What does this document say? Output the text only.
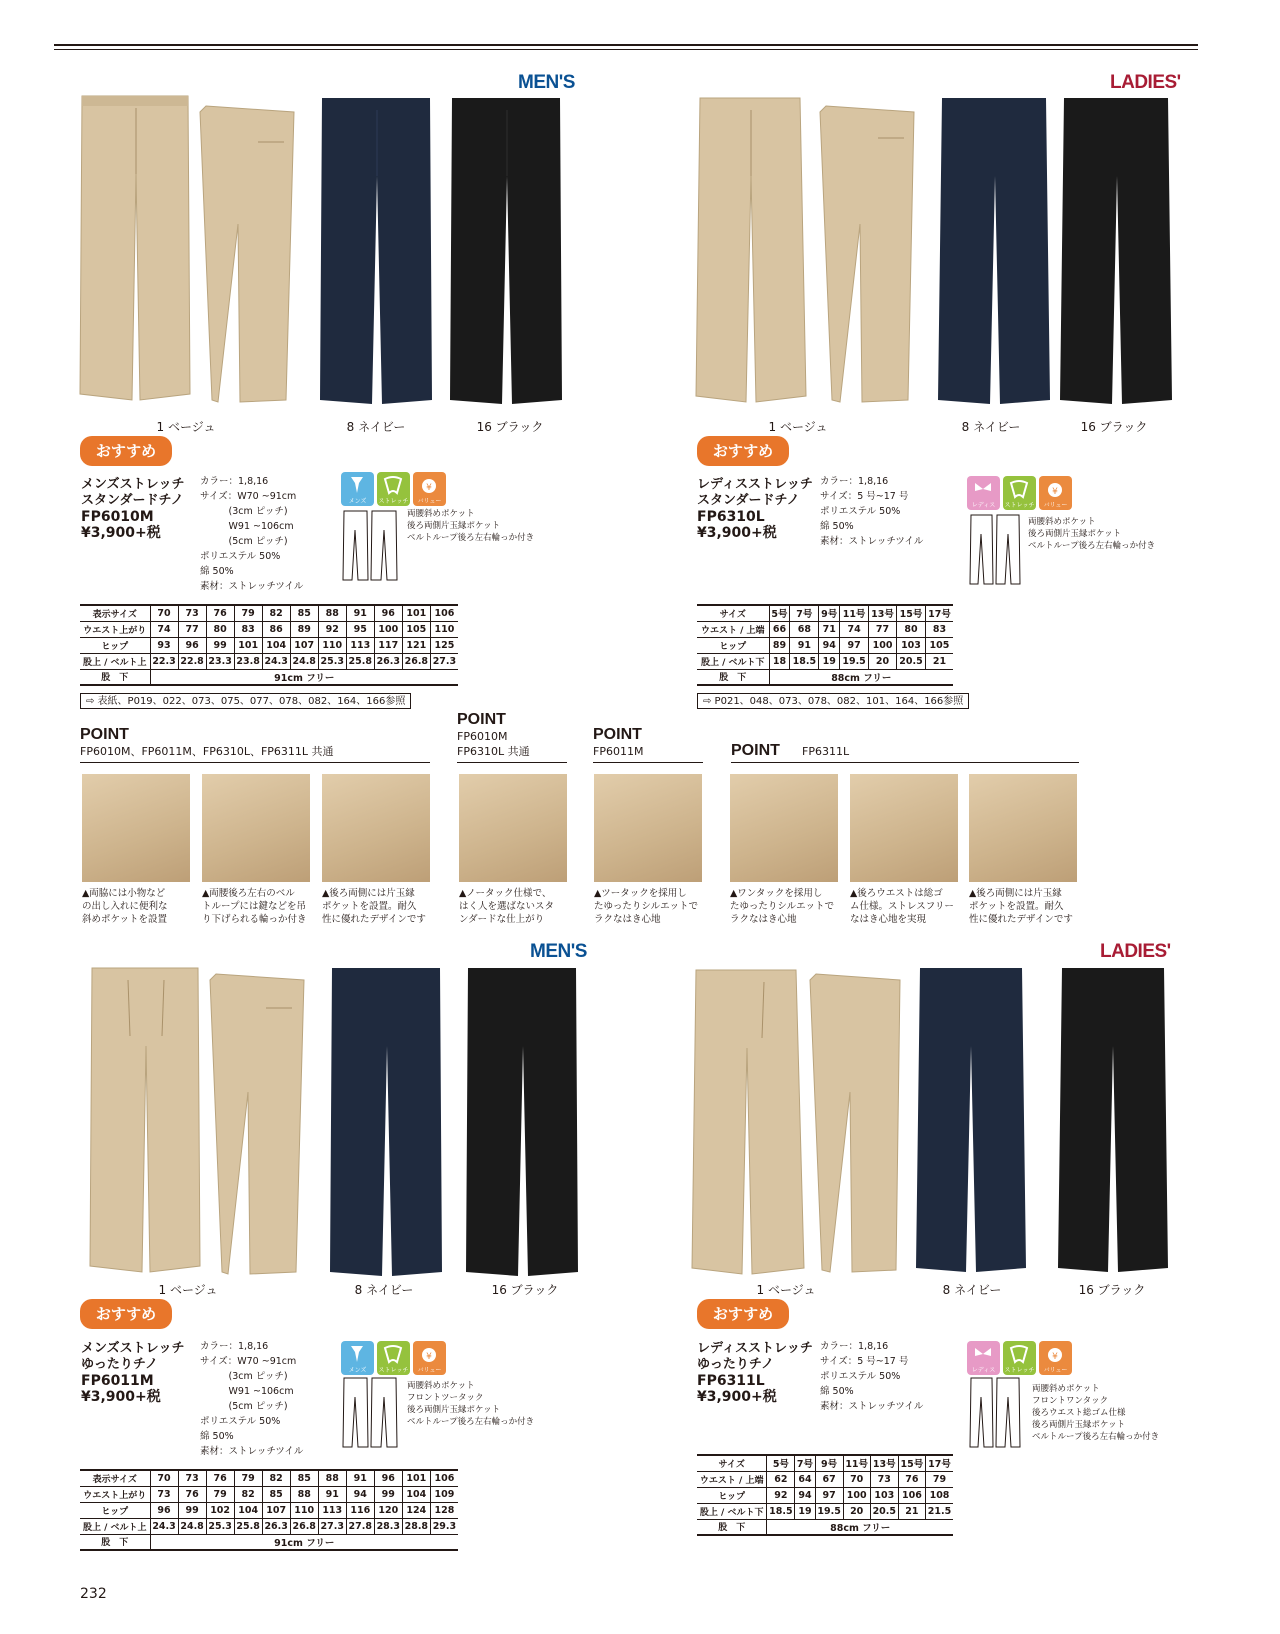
MEN'S	LADIES'
1 ベージュ	8 ネイビー	16 ブラック	1 ベージュ	8 ネイビー	16 ブラック
おすすめ
メンズストレッチ
スタンダードチノ
FP6010M
¥3,900+税
カラー：1,8,16
サイズ：W70 ~91cm
　　　(3cm ピッチ)
　　　W91 ~106cm
　　　(5cm ピッチ)
ポリエステル 50%
綿 50%
素材：ストレッチツイル
メンズ	ストレッチ
¥
バリュー
両腰斜めポケット
後ろ両側片玉縁ポケット
ベルトループ後ろ左右輪っか付き
表示サイズ	70	73	76	79	82	85	88	91	96	101	106
ウエスト上がり	74	77	80	83	86	89	92	95	100	105	110
ヒップ	93	96	99	101	104	107	110	113	117	121	125
股上 / ベルト上	22.3	22.8	23.3	23.8	24.3	24.8	25.3	25.8	26.3	26.8	27.3
股　下	91cm フリー										
⇨ 表紙、P019、022、073、075、077、078、082、164、166参照
おすすめ
レディスストレッチ
スタンダードチノ
FP6310L
¥3,900+税
カラー：1,8,16
サイズ：5 号~17 号
ポリエステル 50%
綿 50%
素材：ストレッチツイル
レディス	ストレッチ
¥
バリュー
両腰斜めポケット
後ろ両側片玉縁ポケット
ベルトループ後ろ左右輪っか付き
サイズ	5号	7号	9号	11号	13号	15号	17号
ウエスト / 上端	66	68	71	74	77	80	83
ヒップ	89	91	94	97	100	103	105
股上 / ベルト下	18	18.5	19	19.5	20	20.5	21
股　下	88cm フリー						
⇨ P021、048、073、078、082、101、164、166参照
POINT
FP6010M、FP6011M、FP6310L、FP6311L 共通
POINT
FP6010M
FP6310L 共通
POINT
FP6011M	POINT FP6311L
▲両脇には小物など
の出し入れに便利な
斜めポケットを設置
▲両腰後ろ左右のベル
トループには鍵などを吊
り下げられる輪っか付き
▲後ろ両側には片玉縁
ポケットを設置。耐久
性に優れたデザインです
▲ノータック仕様で、
はく人を選ばないスタ
ンダードな仕上がり
▲ツータックを採用し
たゆったりシルエットで
ラクなはき心地
▲ワンタックを採用し
たゆったりシルエットで
ラクなはき心地
▲後ろウエストは総ゴ
ム仕様。ストレスフリー
なはき心地を実現
▲後ろ両側には片玉縁
ポケットを設置。耐久
性に優れたデザインです
MEN'S	LADIES'
1 ベージュ	8 ネイビー	16 ブラック	1 ベージュ	8 ネイビー	16 ブラック
おすすめ
メンズストレッチ
ゆったりチノ
FP6011M
¥3,900+税
カラー：1,8,16
サイズ：W70 ~91cm
　　　(3cm ピッチ)
　　　W91 ~106cm
　　　(5cm ピッチ)
ポリエステル 50%
綿 50%
素材：ストレッチツイル
メンズ	ストレッチ
¥
バリュー
両腰斜めポケット
フロントツータック
後ろ両側片玉縁ポケット
ベルトループ後ろ左右輪っか付き
表示サイズ	70	73	76	79	82	85	88	91	96	101	106
ウエスト上がり	73	76	79	82	85	88	91	94	99	104	109
ヒップ	96	99	102	104	107	110	113	116	120	124	128
股上 / ベルト上	24.3	24.8	25.3	25.8	26.3	26.8	27.3	27.8	28.3	28.8	29.3
股　下	91cm フリー										
おすすめ
レディスストレッチ
ゆったりチノ
FP6311L
¥3,900+税
カラー：1,8,16
サイズ：5 号~17 号
ポリエステル 50%
綿 50%
素材：ストレッチツイル
レディス	ストレッチ
¥
バリュー
両腰斜めポケット
フロントワンタック
後ろウエスト総ゴム仕様
後ろ両側片玉縁ポケット
ベルトループ後ろ左右輪っか付き
サイズ	5号	7号	9号	11号	13号	15号	17号
ウエスト / 上端	62	64	67	70	73	76	79
ヒップ	92	94	97	100	103	106	108
股上 / ベルト下	18.5	19	19.5	20	20.5	21	21.5
股　下	88cm フリー						
232
